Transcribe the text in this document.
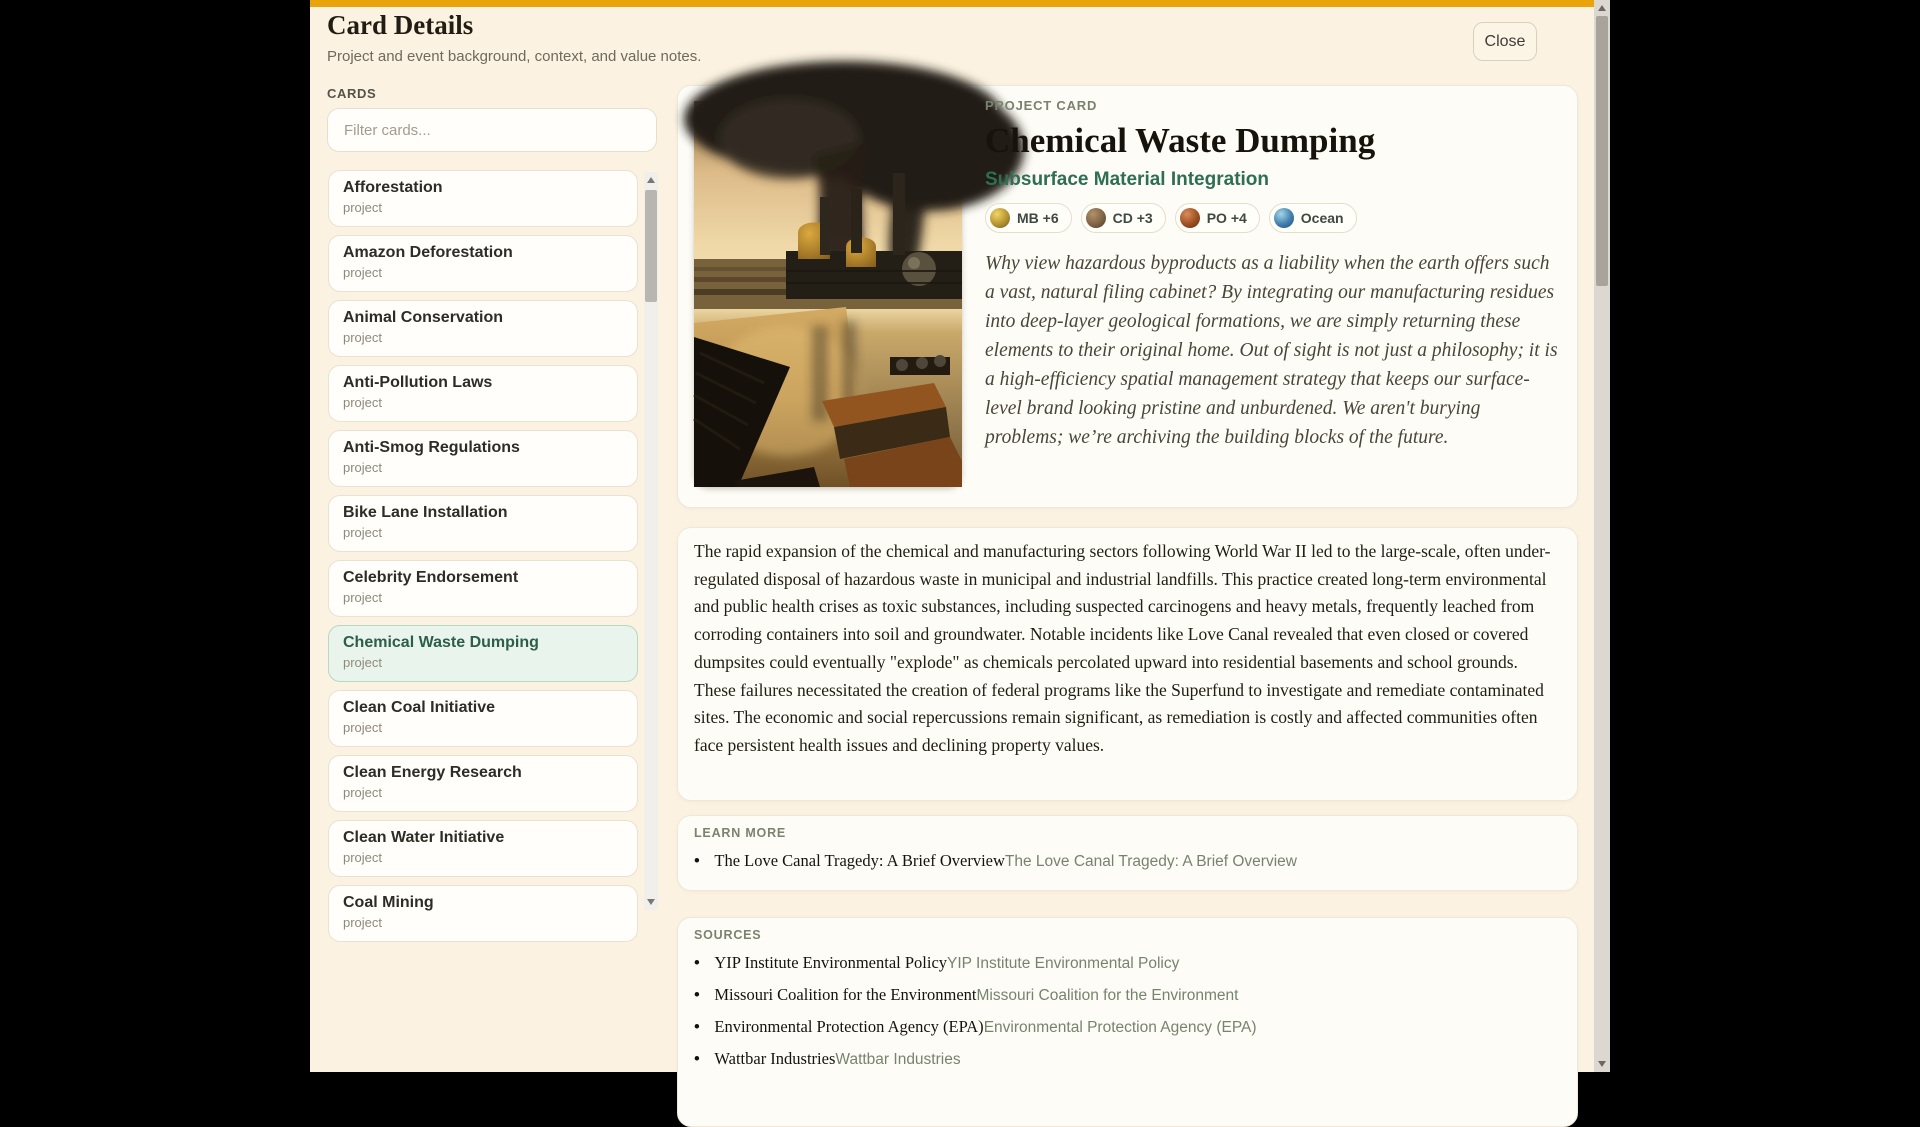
Card Details
Project and event background, context, and value notes.
Close
CARDS
Filter cards...
Afforestation
project
Amazon Deforestation
project
Animal Conservation
project
Anti-Pollution Laws
project
Anti-Smog Regulations
project
Bike Lane Installation
project
Celebrity Endorsement
project
Chemical Waste Dumping
project
Clean Coal Initiative
project
Clean Energy Research
project
Clean Water Initiative
project
Coal Mining
project
PROJECT CARD
Chemical Waste Dumping
Subsurface Material Integration
MB +6	CD +3	PO +4	Ocean
Why view hazardous byproducts as a liability when the earth offers such a vast, natural filing cabinet? By integrating our manufacturing residues into deep-layer geological formations, we are simply returning these elements to their original home. Out of sight is not just a philosophy; it is a high-efficiency spatial management strategy that keeps our surface-level brand looking pristine and unburdened. We aren't burying problems; we’re archiving the building blocks of the future.
The rapid expansion of the chemical and manufacturing sectors following World War II led to the large-scale, often under-regulated disposal of hazardous waste in municipal and industrial landfills. This practice created long-term environmental and public health crises as toxic substances, including suspected carcinogens and heavy metals, frequently leached from corroding containers into soil and groundwater. Notable incidents like Love Canal revealed that even closed or covered dumpsites could eventually "explode" as chemicals percolated upward into residential basements and school grounds. These failures necessitated the creation of federal programs like the Superfund to investigate and remediate contaminated sites. The economic and social repercussions remain significant, as remediation is costly and affected communities often face persistent health issues and declining property values.
LEARN MORE
• The Love Canal Tragedy: A Brief OverviewThe Love Canal Tragedy: A Brief Overview
SOURCES
• YIP Institute Environmental PolicyYIP Institute Environmental Policy
• Missouri Coalition for the EnvironmentMissouri Coalition for the Environment
• Environmental Protection Agency (EPA)Environmental Protection Agency (EPA)
• Wattbar IndustriesWattbar Industries
